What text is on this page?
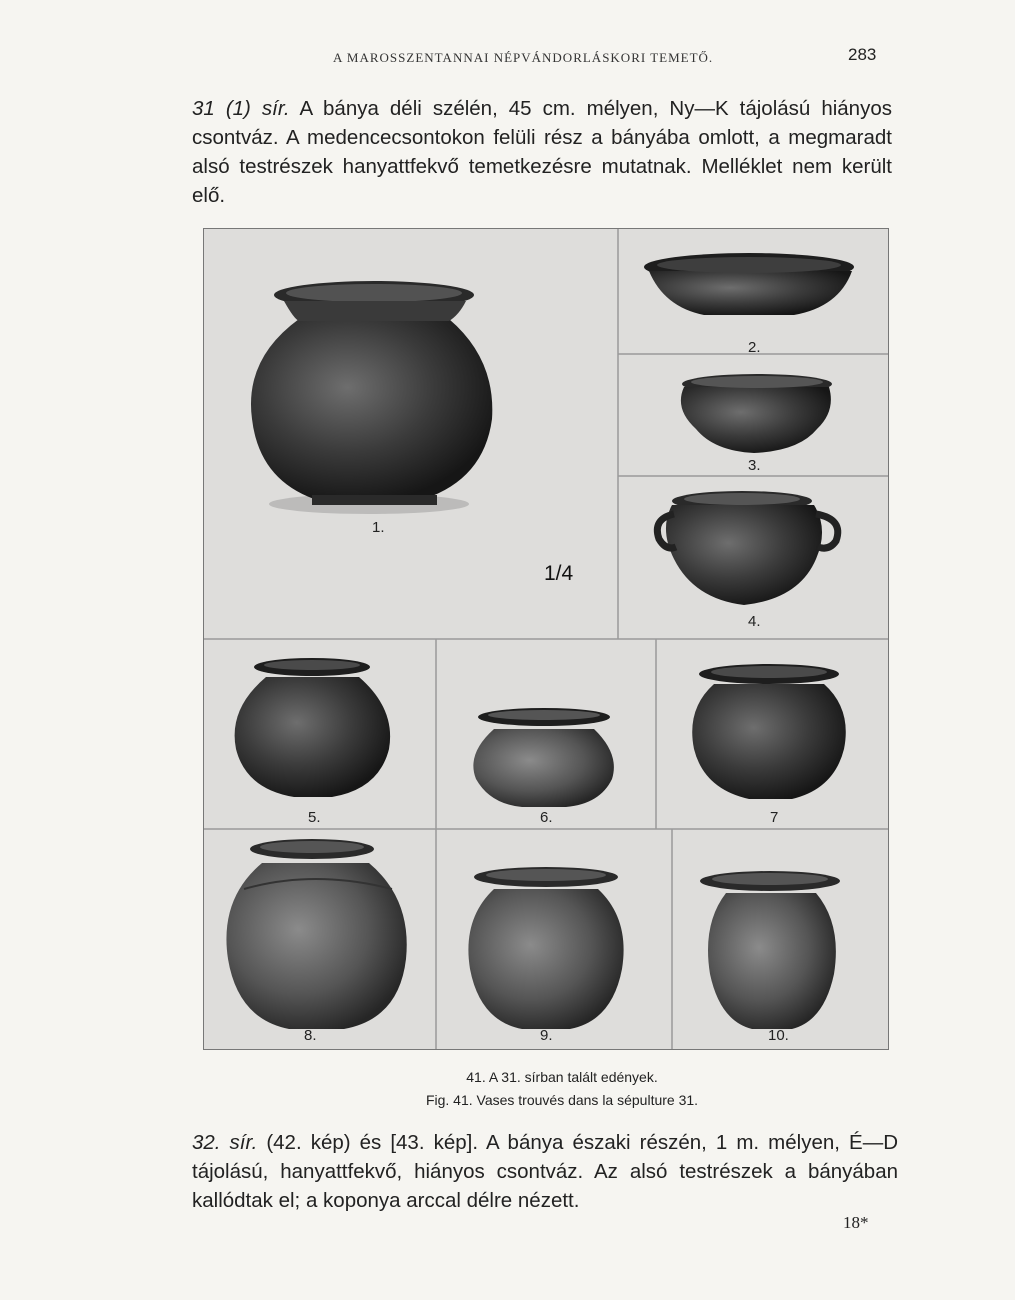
A MAROSSZENTANNAI NÉPVÁNDORLÁSKORI TEMETŐ.	283
31 (1) sír. A bánya déli szélén, 45 cm. mélyen, Ny—K tájolású hiányos csontváz. A medencecsontokon felüli rész a bányába omlott, a megmaradt alsó testrészek hanyattfekvő temetkezésre mutatnak. Melléklet nem került elő.
1.
2.
3.
4.
5.	6.	7
8.	9.	10.
1/4
41. A 31. sírban talált edények.
Fig. 41. Vases trouvés dans la sépulture 31.
32. sír. (42. kép) és [43. kép]. A bánya északi részén, 1 m. mélyen, É—D tájolású, hanyattfekvő, hiányos csontváz. Az alsó testrészek a bányában kallódtak el; a koponya arccal délre nézett.
18*
